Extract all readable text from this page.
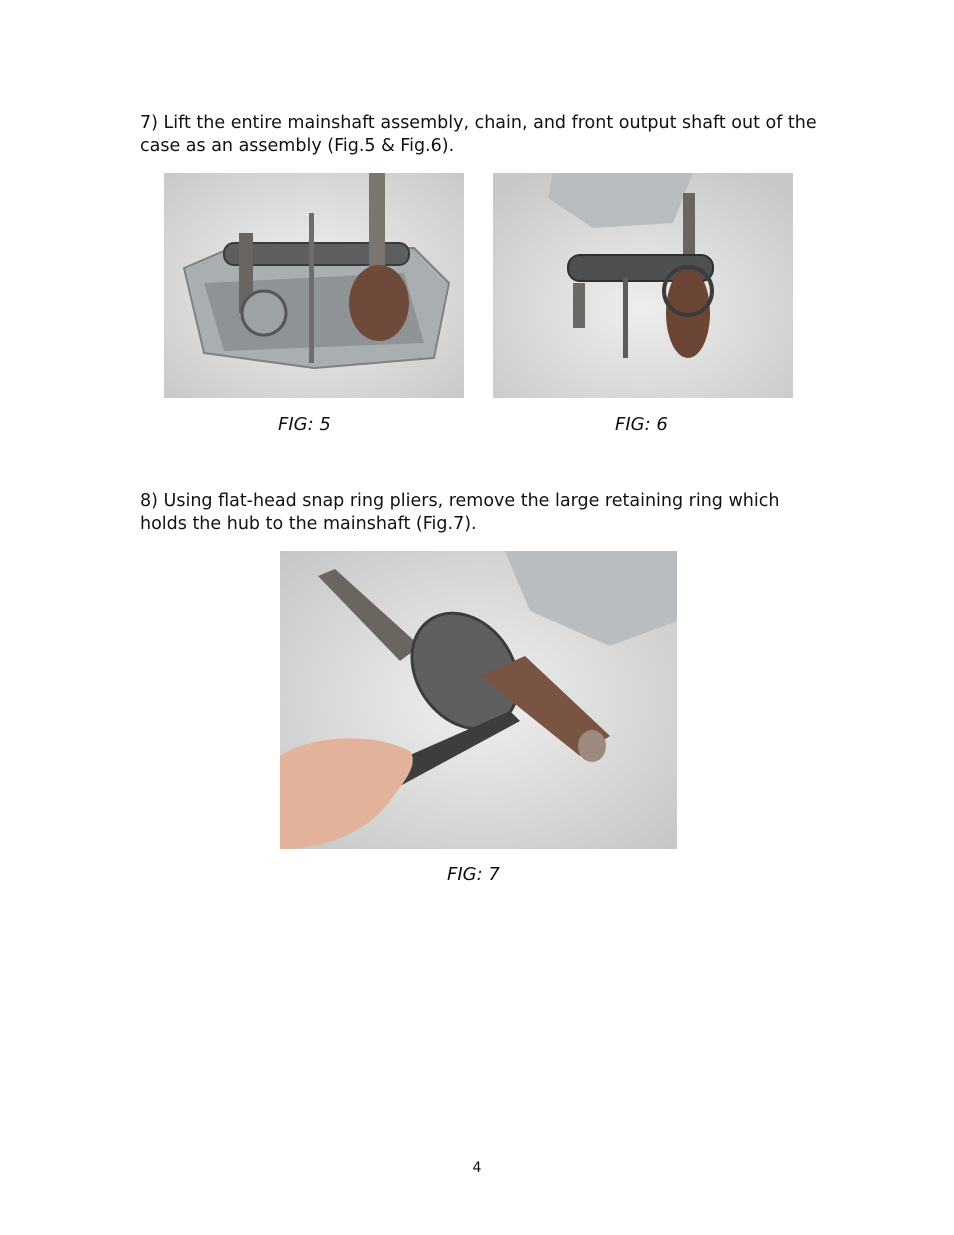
7) Lift the entire mainshaft assembly, chain, and front output shaft out of the case as an assembly (Fig.5 & Fig.6).

FIG: 5	FIG: 6

8) Using flat-head snap ring pliers, remove the large retaining ring which holds the hub to the mainshaft (Fig.7).

FIG: 7

4
